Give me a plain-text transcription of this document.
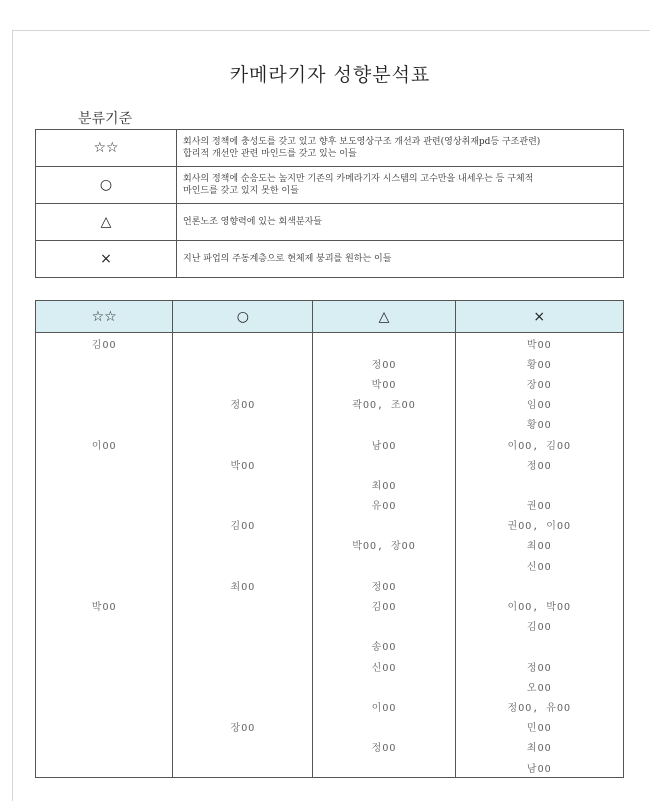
카메라기자 성향분석표
분류기준
☆☆	회사의 정책에 충성도를 갖고 있고 향후 보도영상구조 개선과 관련(영상취재pd등 구조관련)
합리적 개선안 관련 마인드를 갖고 있는 이들

○	회사의 정책에 순응도는 높지만 기존의 카메라기자 시스템의 고수만을 내세우는 등 구체적
마인드를 갖고 있지 못한 이들

△	언론노조 영향력에 있는 회색분자들

×	지난 파업의 주동계층으로 현체제 붕괴를 원하는 이들
☆☆	○	△	×
김OO			박OO
		정OO	황OO
		박OO	장OO
	정OO	곽OO, 조OO	임OO
			황OO
이OO		남OO	이OO, 김OO
	박OO		정OO
		최OO	
		유OO	권OO
	김OO		권OO, 이OO
		박OO, 장OO	최OO
			신OO
	최OO	정OO	
박OO		김OO	이OO, 박OO
			김OO
		송OO	
		신OO	정OO
			오OO
		이OO	정OO, 유OO
	장OO		민OO
		정OO	최OO
			남OO
